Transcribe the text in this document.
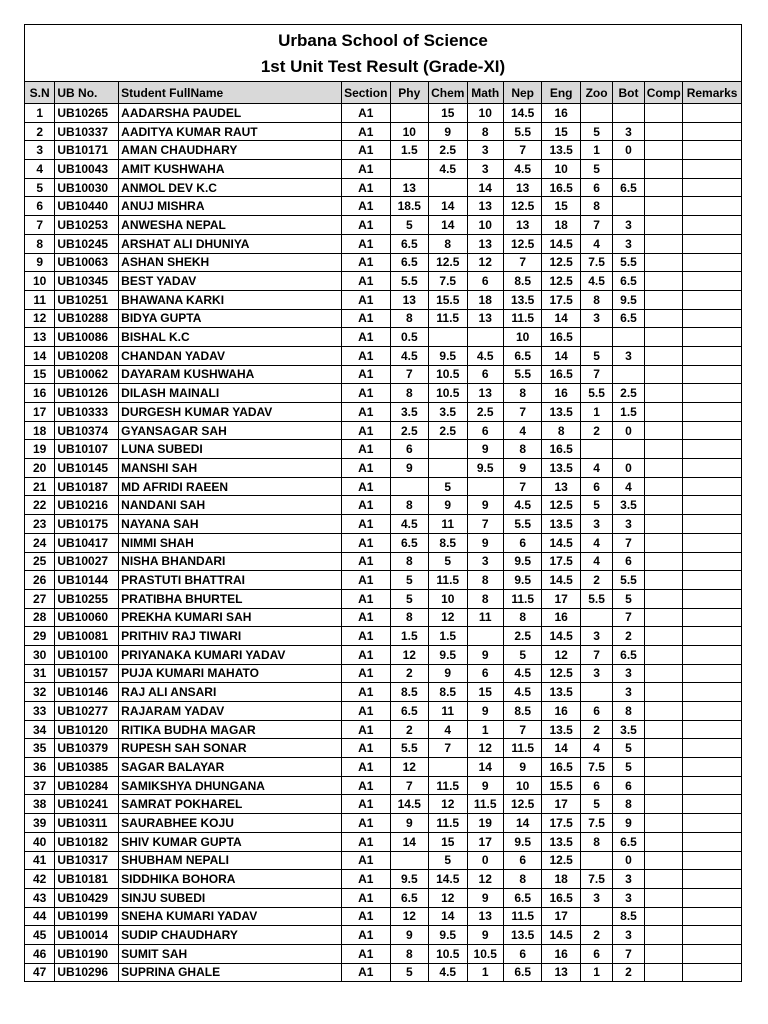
Urbana School of Science
1st Unit Test Result (Grade-XI)
S.N	UB No.	Student FullName	Section	Phy	Chem	Math	Nep	Eng	Zoo	Bot	Comp	Remarks
1	UB10265	AADARSHA PAUDEL	A1		15	10	14.5	16				
2	UB10337	AADITYA KUMAR RAUT	A1	10	9	8	5.5	15	5	3		
3	UB10171	AMAN CHAUDHARY	A1	1.5	2.5	3	7	13.5	1	0		
4	UB10043	AMIT KUSHWAHA	A1		4.5	3	4.5	10	5			
5	UB10030	ANMOL DEV K.C	A1	13		14	13	16.5	6	6.5		
6	UB10440	ANUJ MISHRA	A1	18.5	14	13	12.5	15	8			
7	UB10253	ANWESHA NEPAL	A1	5	14	10	13	18	7	3		
8	UB10245	ARSHAT ALI DHUNIYA	A1	6.5	8	13	12.5	14.5	4	3		
9	UB10063	ASHAN SHEKH	A1	6.5	12.5	12	7	12.5	7.5	5.5		
10	UB10345	BEST YADAV	A1	5.5	7.5	6	8.5	12.5	4.5	6.5		
11	UB10251	BHAWANA KARKI	A1	13	15.5	18	13.5	17.5	8	9.5		
12	UB10288	BIDYA GUPTA	A1	8	11.5	13	11.5	14	3	6.5		
13	UB10086	BISHAL K.C	A1	0.5			10	16.5				
14	UB10208	CHANDAN YADAV	A1	4.5	9.5	4.5	6.5	14	5	3		
15	UB10062	DAYARAM KUSHWAHA	A1	7	10.5	6	5.5	16.5	7			
16	UB10126	DILASH MAINALI	A1	8	10.5	13	8	16	5.5	2.5		
17	UB10333	DURGESH KUMAR YADAV	A1	3.5	3.5	2.5	7	13.5	1	1.5		
18	UB10374	GYANSAGAR SAH	A1	2.5	2.5	6	4	8	2	0		
19	UB10107	LUNA SUBEDI	A1	6		9	8	16.5				
20	UB10145	MANSHI SAH	A1	9		9.5	9	13.5	4	0		
21	UB10187	MD AFRIDI RAEEN	A1		5		7	13	6	4		
22	UB10216	NANDANI SAH	A1	8	9	9	4.5	12.5	5	3.5		
23	UB10175	NAYANA SAH	A1	4.5	11	7	5.5	13.5	3	3		
24	UB10417	NIMMI SHAH	A1	6.5	8.5	9	6	14.5	4	7		
25	UB10027	NISHA BHANDARI	A1	8	5	3	9.5	17.5	4	6		
26	UB10144	PRASTUTI BHATTRAI	A1	5	11.5	8	9.5	14.5	2	5.5		
27	UB10255	PRATIBHA BHURTEL	A1	5	10	8	11.5	17	5.5	5		
28	UB10060	PREKHA KUMARI SAH	A1	8	12	11	8	16		7		
29	UB10081	PRITHIV RAJ TIWARI	A1	1.5	1.5		2.5	14.5	3	2		
30	UB10100	PRIYANAKA KUMARI YADAV	A1	12	9.5	9	5	12	7	6.5		
31	UB10157	PUJA KUMARI MAHATO	A1	2	9	6	4.5	12.5	3	3		
32	UB10146	RAJ ALI ANSARI	A1	8.5	8.5	15	4.5	13.5		3		
33	UB10277	RAJARAM YADAV	A1	6.5	11	9	8.5	16	6	8		
34	UB10120	RITIKA BUDHA MAGAR	A1	2	4	1	7	13.5	2	3.5		
35	UB10379	RUPESH SAH SONAR	A1	5.5	7	12	11.5	14	4	5		
36	UB10385	SAGAR BALAYAR	A1	12		14	9	16.5	7.5	5		
37	UB10284	SAMIKSHYA DHUNGANA	A1	7	11.5	9	10	15.5	6	6		
38	UB10241	SAMRAT POKHAREL	A1	14.5	12	11.5	12.5	17	5	8		
39	UB10311	SAURABHEE KOJU	A1	9	11.5	19	14	17.5	7.5	9		
40	UB10182	SHIV KUMAR GUPTA	A1	14	15	17	9.5	13.5	8	6.5		
41	UB10317	SHUBHAM NEPALI	A1		5	0	6	12.5		0		
42	UB10181	SIDDHIKA BOHORA	A1	9.5	14.5	12	8	18	7.5	3		
43	UB10429	SINJU SUBEDI	A1	6.5	12	9	6.5	16.5	3	3		
44	UB10199	SNEHA KUMARI YADAV	A1	12	14	13	11.5	17		8.5		
45	UB10014	SUDIP CHAUDHARY	A1	9	9.5	9	13.5	14.5	2	3		
46	UB10190	SUMIT SAH	A1	8	10.5	10.5	6	16	6	7		
47	UB10296	SUPRINA GHALE	A1	5	4.5	1	6.5	13	1	2		
